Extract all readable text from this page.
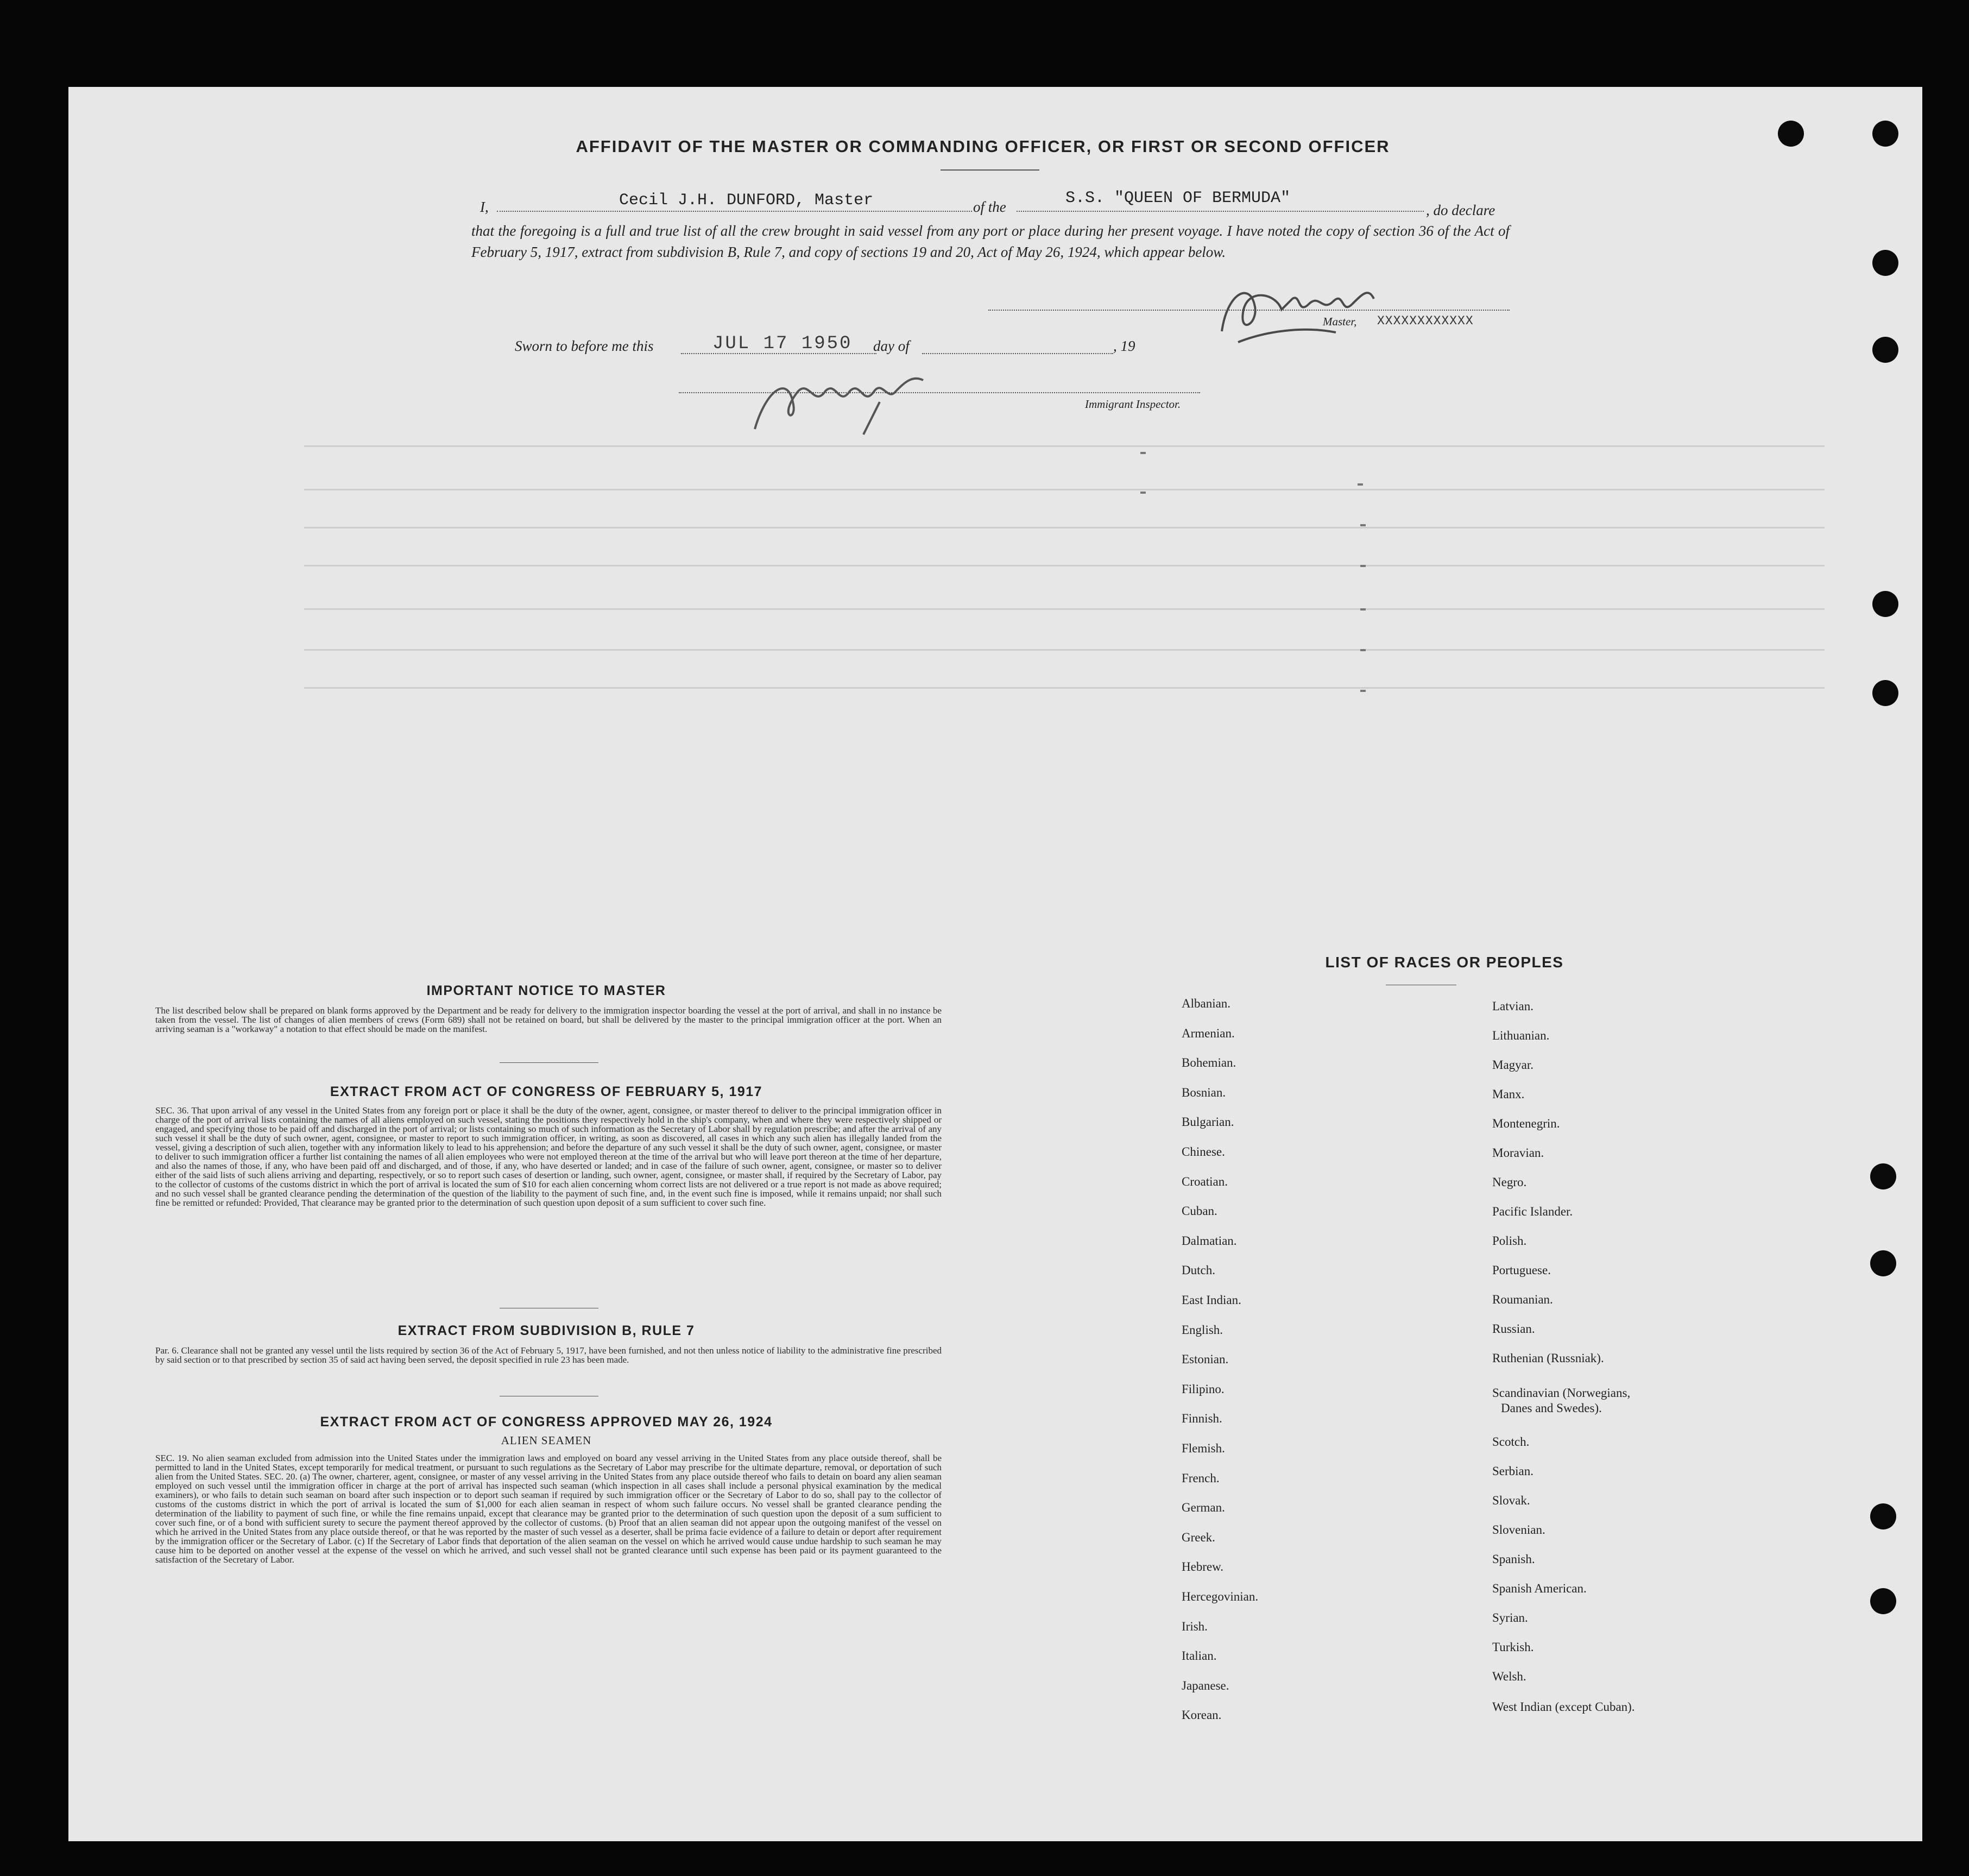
AFFIDAVIT OF THE MASTER OR COMMANDING OFFICER, OR FIRST OR SECOND OFFICER
I,	Cecil J.H. DUNFORD, Master	of the	S.S. "QUEEN OF BERMUDA"
, do declare
that the foregoing is a full and true list of all the crew brought in said vessel from any port or place during her present voyage. I have noted the copy of section 36 of the Act of February 5, 1917, extract from subdivision B, Rule 7, and copy of sections 19 and 20, Act of May 26, 1924, which appear below.
Master, XXXXXXXXXXXX
Sworn to before me this	JUL 17 1950 day of	, 19
Immigrant Inspector.
IMPORTANT NOTICE TO MASTER
The list described below shall be prepared on blank forms approved by the Department and be ready for delivery to the immigration inspector boarding the vessel at the port of arrival, and shall in no instance be taken from the vessel. The list of changes of alien members of crews (Form 689) shall not be retained on board, but shall be delivered by the master to the principal immigration officer at the port. When an arriving seaman is a "workaway" a notation to that effect should be made on the manifest.
EXTRACT FROM ACT OF CONGRESS OF FEBRUARY 5, 1917
SEC. 36. That upon arrival of any vessel in the United States from any foreign port or place it shall be the duty of the owner, agent, consignee, or master thereof to deliver to the principal immigration officer in charge of the port of arrival lists containing the names of all aliens employed on such vessel, stating the positions they respectively hold in the ship's company, when and where they were respectively shipped or engaged, and specifying those to be paid off and discharged in the port of arrival; or lists containing so much of such information as the Secretary of Labor shall by regulation prescribe; and after the arrival of any such vessel it shall be the duty of such owner, agent, consignee, or master to report to such immigration officer, in writing, as soon as discovered, all cases in which any such alien has illegally landed from the vessel, giving a description of such alien, together with any information likely to lead to his apprehension; and before the departure of any such vessel it shall be the duty of such owner, agent, consignee, or master to deliver to such immigration officer a further list containing the names of all alien employees who were not employed thereon at the time of the arrival but who will leave port thereon at the time of her departure, and also the names of those, if any, who have been paid off and discharged, and of those, if any, who have deserted or landed; and in case of the failure of such owner, agent, consignee, or master so to deliver either of the said lists of such aliens arriving and departing, respectively, or so to report such cases of desertion or landing, such owner, agent, consignee, or master shall, if required by the Secretary of Labor, pay to the collector of customs of the customs district in which the port of arrival is located the sum of $10 for each alien concerning whom correct lists are not delivered or a true report is not made as above required; and no such vessel shall be granted clearance pending the determination of the question of the liability to the payment of such fine, and, in the event such fine is imposed, while it remains unpaid; nor shall such fine be remitted or refunded: Provided, That clearance may be granted prior to the determination of such question upon deposit of a sum sufficient to cover such fine.
EXTRACT FROM SUBDIVISION B, RULE 7
Par. 6. Clearance shall not be granted any vessel until the lists required by section 36 of the Act of February 5, 1917, have been furnished, and not then unless notice of liability to the administrative fine prescribed by said section or to that prescribed by section 35 of said act having been served, the deposit specified in rule 23 has been made.
EXTRACT FROM ACT OF CONGRESS APPROVED MAY 26, 1924
ALIEN SEAMEN
SEC. 19. No alien seaman excluded from admission into the United States under the immigration laws and employed on board any vessel arriving in the United States from any place outside thereof, shall be permitted to land in the United States, except temporarily for medical treatment, or pursuant to such regulations as the Secretary of Labor may prescribe for the ultimate departure, removal, or deportation of such alien from the United States. SEC. 20. (a) The owner, charterer, agent, consignee, or master of any vessel arriving in the United States from any place outside thereof who fails to detain on board any alien seaman employed on such vessel until the immigration officer in charge at the port of arrival has inspected such seaman (which inspection in all cases shall include a personal physical examination by the medical examiners), or who fails to detain such seaman on board after such inspection or to deport such seaman if required by such immigration officer or the Secretary of Labor to do so, shall pay to the collector of customs of the customs district in which the port of arrival is located the sum of $1,000 for each alien seaman in respect of whom such failure occurs. No vessel shall be granted clearance pending the determination of the liability to payment of such fine, or while the fine remains unpaid, except that clearance may be granted prior to the determination of such question upon the deposit of a sum sufficient to cover such fine, or of a bond with sufficient surety to secure the payment thereof approved by the collector of customs. (b) Proof that an alien seaman did not appear upon the outgoing manifest of the vessel on which he arrived in the United States from any place outside thereof, or that he was reported by the master of such vessel as a deserter, shall be prima facie evidence of a failure to detain or deport after requirement by the immigration officer or the Secretary of Labor. (c) If the Secretary of Labor finds that deportation of the alien seaman on the vessel on which he arrived would cause undue hardship to such seaman he may cause him to be deported on another vessel at the expense of the vessel on which he arrived, and such vessel shall not be granted clearance until such expense has been paid or its payment guaranteed to the satisfaction of the Secretary of Labor.
LIST OF RACES OR PEOPLES
Albanian.
Armenian.
Bohemian.
Bosnian.
Bulgarian.
Chinese.
Croatian.
Cuban.
Dalmatian.
Dutch.
East Indian.
English.
Estonian.
Filipino.
Finnish.
Flemish.
French.
German.
Greek.
Hebrew.
Hercegovinian.
Irish.
Italian.
Japanese.
Korean.
Latvian.
Lithuanian.
Magyar.
Manx.
Montenegrin.
Moravian.
Negro.
Pacific Islander.
Polish.
Portuguese.
Roumanian.
Russian.
Ruthenian (Russniak).
Scandinavian (Norwegians,
Danes and Swedes).
Scotch.
Serbian.
Slovak.
Slovenian.
Spanish.
Spanish American.
Syrian.
Turkish.
Welsh.
West Indian (except Cuban).
